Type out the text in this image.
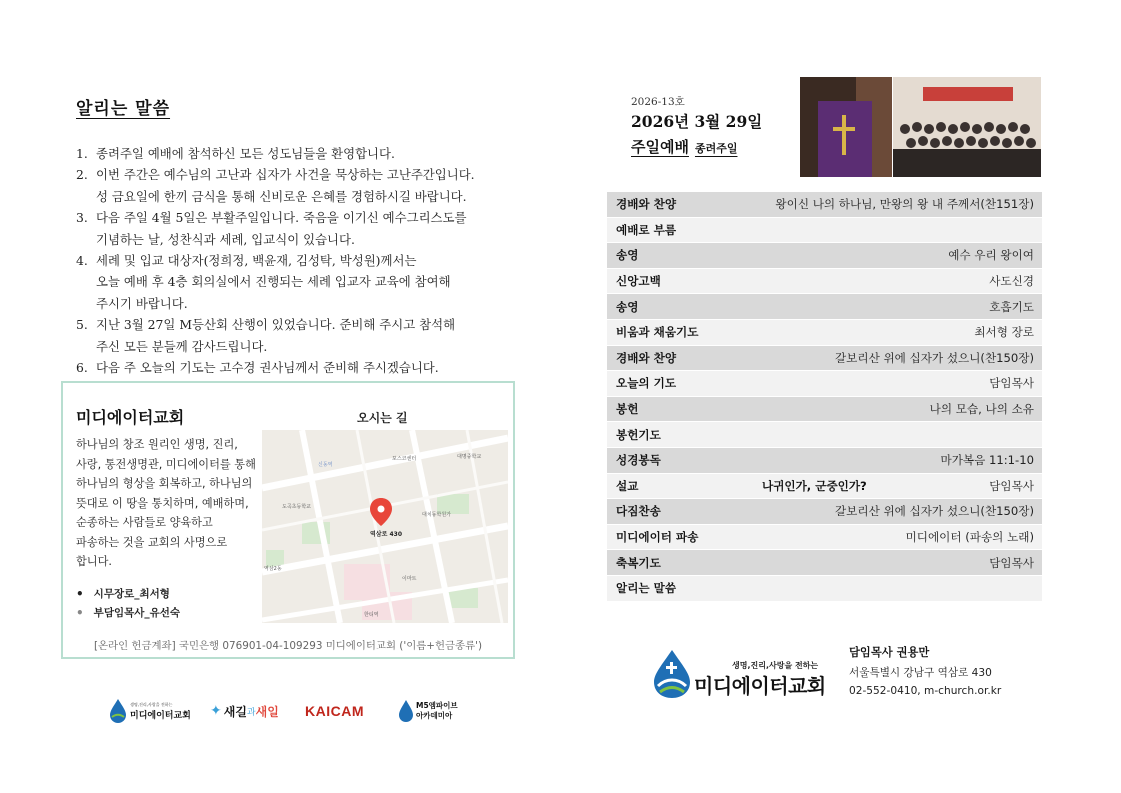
알리는 말씀
1. 종려주일 예배에 참석하신 모든 성도님들을 환영합니다.
2. 이번 주간은 예수님의 고난과 십자가 사건을 묵상하는 고난주간입니다.
성 금요일에 한끼 금식을 통해 신비로운 은혜를 경험하시길 바랍니다.
3. 다음 주일 4월 5일은 부활주일입니다. 죽음을 이기신 예수그리스도를
기념하는 날, 성찬식과 세례, 입교식이 있습니다.
4. 세례 및 입교 대상자(정희정, 백윤재, 김성탁, 박성원)께서는
오늘 예배 후 4층 회의실에서 진행되는 세례 입교자 교육에 참여해
주시기 바랍니다.
5. 지난 3월 27일 M등산회 산행이 있었습니다. 준비해 주시고 참석해
주신 모든 분들께 감사드립니다.
6. 다음 주 오늘의 기도는 고수경 권사님께서 준비해 주시겠습니다.
미디에이터교회
하나님의 창조 원리인 생명, 진리,
사랑, 통전생명관, 미디에이터를 통해
하나님의 형상을 회복하고, 하나님의
뜻대로 이 땅을 통치하며, 예배하며,
순종하는 사람들로 양육하고
파송하는 것을 교회의 사명으로
합니다.
• 시무장로_최서형
• 부담임목사_유선숙
오시는 길
신동역
포스코센터	대명중학교
역삼2동
한티역
도곡초등학교
대치동학원가
이마트
역삼로 430
[온라인 헌금계좌] 국민은행 076901-04-109293 미디에이터교회 ('이름+헌금종류')
생명,진리,사랑을 전하는
미디에이터교회 ✦ 새길 과 새일 KAICAM	M5엠파이브
아카데미아
2026-13호
2026년 3월 29일
주일예배 종려주일
경배와 찬양	왕이신 나의 하나님, 만왕의 왕 내 주께서(찬151장)
예배로 부름
송영	예수 우리 왕이여
신앙고백	사도신경
송영	호흡기도
비움과 채움기도	최서형 장로
경배와 찬양	갈보리산 위에 십자가 섰으니(찬150장)
오늘의 기도	담임목사
봉헌	나의 모습, 나의 소유
봉헌기도
성경봉독	마가복음 11:1-10
설교	나귀인가, 군중인가?	담임목사
다짐찬송	갈보리산 위에 십자가 섰으니(찬150장)
미디에이터 파송	미디에이터 (파송의 노래)
축복기도	담임목사
알리는 말씀
생명,진리,사랑을 전하는
미디에이터교회
담임목사 권용만
서울특별시 강남구 역삼로 430
02-552-0410, m-church.or.kr
